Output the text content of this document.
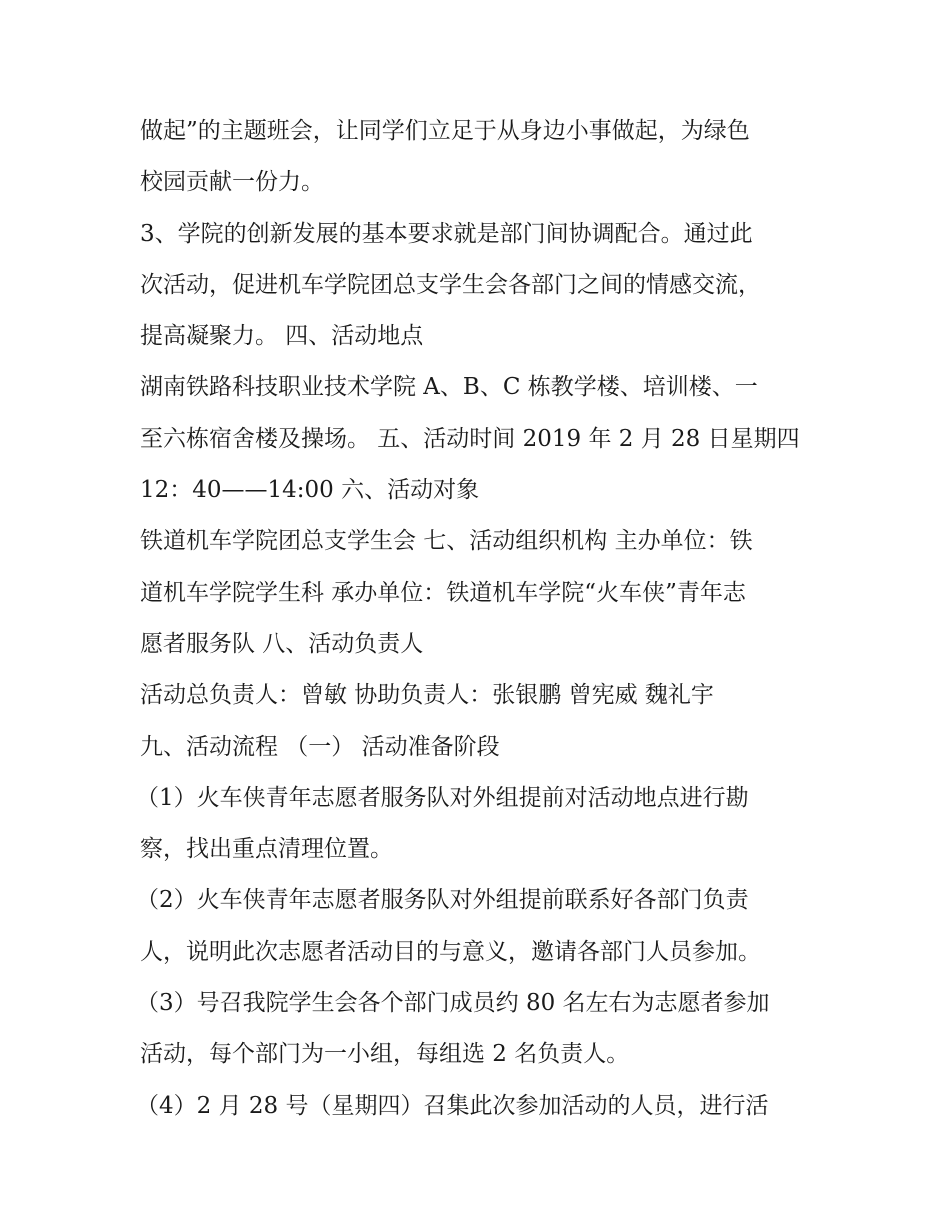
做起”的主题班会，让同学们立足于从身边小事做起，为绿色

校园贡献一份力。

3、学院的创新发展的基本要求就是部门间协调配合。通过此

次活动，促进机车学院团总支学生会各部门之间的情感交流，

提高凝聚力。 四、活动地点

湖南铁路科技职业技术学院 A、B、C 栋教学楼、培训楼、一

至六栋宿舍楼及操场。 五、活动时间 2019 年 2 月 28 日星期四

12：40——14:00 六、活动对象

铁道机车学院团总支学生会 七、活动组织机构 主办单位：铁

道机车学院学生科 承办单位：铁道机车学院“火车侠”青年志

愿者服务队 八、活动负责人

活动总负责人：曾敏 协助负责人：张银鹏 曾宪威 魏礼宇

九、活动流程 （一） 活动准备阶段

（1）火车侠青年志愿者服务队对外组提前对活动地点进行勘

察，找出重点清理位置。

（2）火车侠青年志愿者服务队对外组提前联系好各部门负责

人，说明此次志愿者活动目的与意义，邀请各部门人员参加。

（3）号召我院学生会各个部门成员约 80 名左右为志愿者参加

活动，每个部门为一小组，每组选 2 名负责人。

（4）2 月 28 号（星期四）召集此次参加活动的人员，进行活
